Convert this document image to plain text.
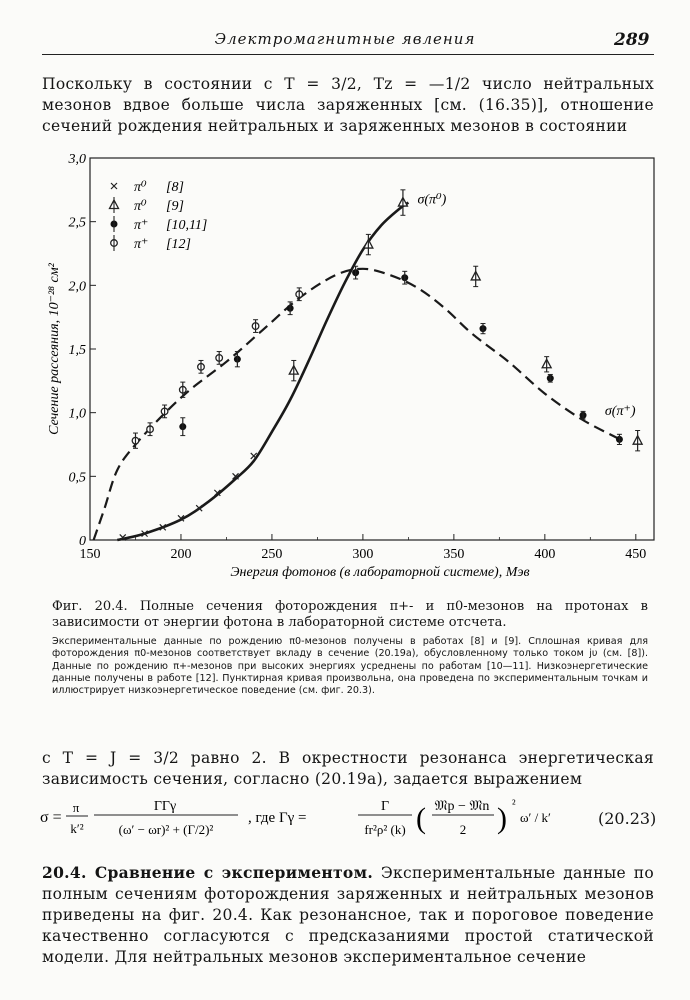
Электромагнитные явления	289
Поскольку в состоянии с T = 3/2, Tz = —1/2 число нейтральных мезонов вдвое больше числа заряженных [см. (16.35)], отношение сечений рождения нейтральных и заряженных мезонов в состоянии
150	200	250	300	350	400	450
0
0,5
1,0
1,5
2,0
2,5
3,0
π⁰ [8]
π⁰ [9]
π⁺ [10,11]
π⁺ [12]
σ(π⁰)
σ(π⁺)
Энергия фотонов (в лабораторной системе), Мэв
Сечение рассеяния, 10⁻²⁸ см²
Фиг. 20.4. Полные сечения фоторождения π+- и π0-мезонов на протонах в зависимости от энергии фотона в лабораторной системе отсчета.
Экспериментальные данные по рождению π0-мезонов получены в работах [8] и [9]. Сплошная кривая для фоторождения π0-мезонов соответствует вкладу в сечение (20.19а), обусловленному только током jυ (см. [8]). Данные по рождению π+-мезонов при высоких энергиях усреднены по работам [10—11]. Низкоэнергетические данные получены в работе [12]. Пунктирная кривая произвольна, она проведена по экспериментальным точкам и иллюстрирует низкоэнергетическое поведение (см. фиг. 20.3).
с T = J = 3/2 равно 2. В окрестности резонанса энергетическая зависимость сечения, согласно (20.19а), задается выражением
σ =
π
k′²
ΓΓγ
(ω′ − ωr)² + (Γ/2)²
, где Γγ =
Γ
fr²ρ² (k) ( 𝔐p − 𝔐n
2 ) ²
ω′ / k′	(20.23)
20.4. Сравнение с экспериментом. Экспериментальные данные по полным сечениям фоторождения заряженных и нейтральных мезонов приведены на фиг. 20.4. Как резонансное, так и пороговое поведение качественно согласуются с предсказаниями простой статической модели. Для нейтральных мезонов экспериментальное сечение
